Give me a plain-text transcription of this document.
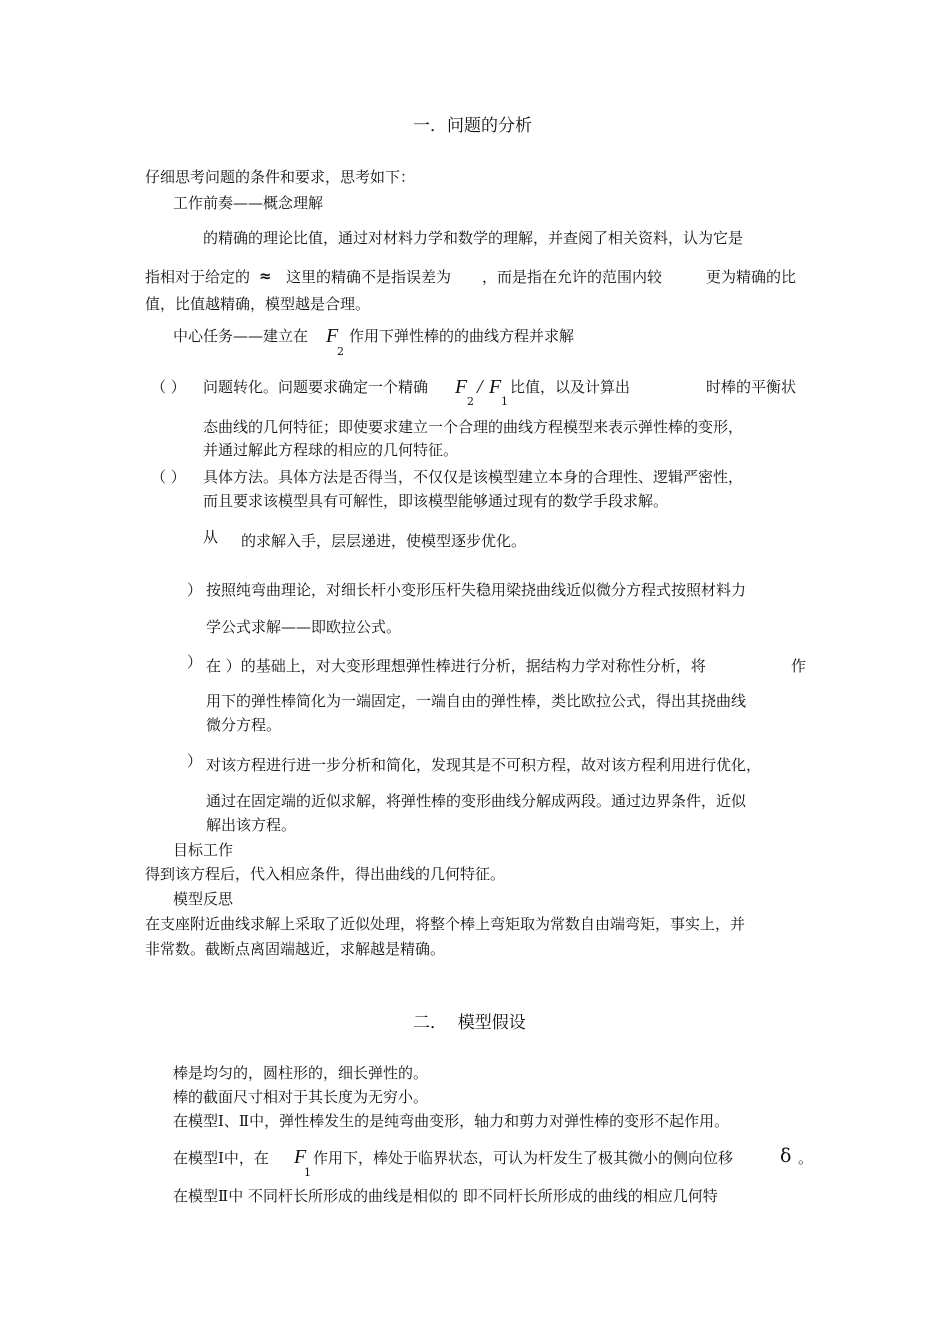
一．问题的分析
仔细思考问题的条件和要求，思考如下：
工作前奏——概念理解
的精确的理论比值，通过对材料力学和数学的理解，并查阅了相关资料，认为它是
指相对于给定的 ≈ 这里的精确不是指误差为 ，而是指在允许的范围内较	更为精确的比
值，比值越精确，模型越是合理。
中心任务——建立在 F
2
作用下弹性棒的的曲线方程并求解
（ ） 问题转化。问题要求确定一个精确 F
2
/ F
1
比值，以及计算出	时棒的平衡状
态曲线的几何特征；即使要求建立一个合理的曲线方程模型来表示弹性棒的变形，
并通过解此方程球的相应的几何特征。
（ ） 具体方法。具体方法是否得当，不仅仅是该模型建立本身的合理性、逻辑严密性，
而且要求该模型具有可解性，即该模型能够通过现有的数学手段求解。
从 的求解入手，层层递进，使模型逐步优化。
） 按照纯弯曲理论，对细长杆小变形压杆失稳用梁挠曲线近似微分方程式按照材料力
学公式求解——即欧拉公式。
） 在 ）的基础上，对大变形理想弹性棒进行分析，据结构力学对称性分析，将	作
用下的弹性棒简化为一端固定，一端自由的弹性棒，类比欧拉公式，得出其挠曲线
微分方程。
） 对该方程进行进一步分析和简化，发现其是不可积方程，故对该方程利用进行优化，
通过在固定端的近似求解，将弹性棒的变形曲线分解成两段。通过边界条件，近似
解出该方程。
目标工作
得到该方程后，代入相应条件，得出曲线的几何特征。
模型反思
在支座附近曲线求解上采取了近似处理，将整个棒上弯矩取为常数自由端弯矩，事实上，并
非常数。截断点离固端越近，求解越是精确。
二．  模型假设
棒是均匀的，圆柱形的，细长弹性的。
棒的截面尺寸相对于其长度为无穷小。
在模型Ⅰ、Ⅱ中，弹性棒发生的是纯弯曲变形，轴力和剪力对弹性棒的变形不起作用。
在模型Ⅰ中，在 F
1
作用下，棒处于临界状态，可认为杆发生了极其微小的侧向位移 δ 。
在模型Ⅱ中 不同杆长所形成的曲线是相似的 即不同杆长所形成的曲线的相应几何特
